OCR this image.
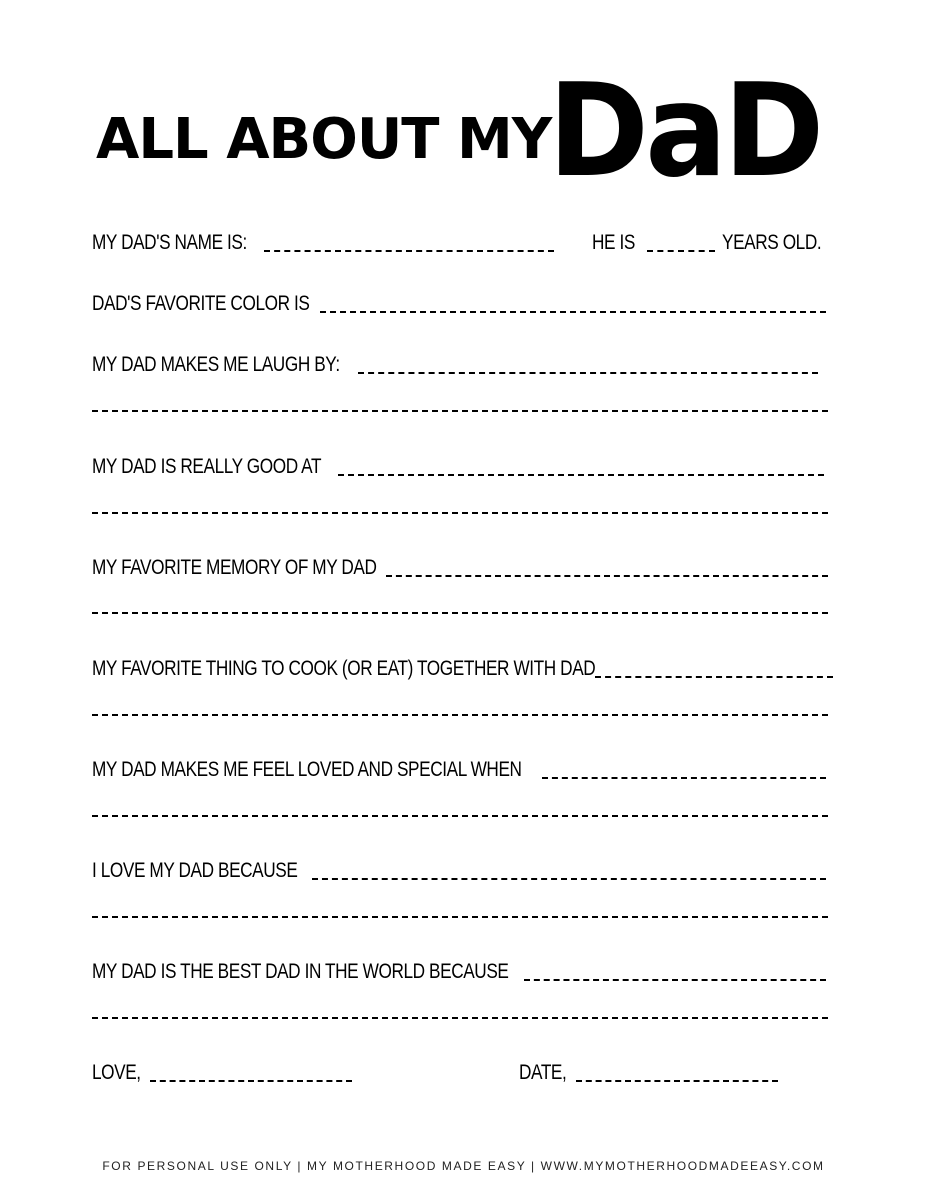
ALL ABOUT MY
DaD
MY DAD'S NAME IS:	HE IS	YEARS OLD.
DAD'S FAVORITE COLOR IS
MY DAD MAKES ME LAUGH BY:
MY DAD IS REALLY GOOD AT
MY FAVORITE MEMORY OF MY DAD
MY FAVORITE THING TO COOK (OR EAT) TOGETHER WITH DAD
MY DAD MAKES ME FEEL LOVED AND SPECIAL WHEN
I LOVE MY DAD BECAUSE
MY DAD IS THE BEST DAD IN THE WORLD BECAUSE
LOVE,	DATE,
FOR PERSONAL USE ONLY | MY MOTHERHOOD MADE EASY | WWW.MYMOTHERHOODMADEEASY.COM
